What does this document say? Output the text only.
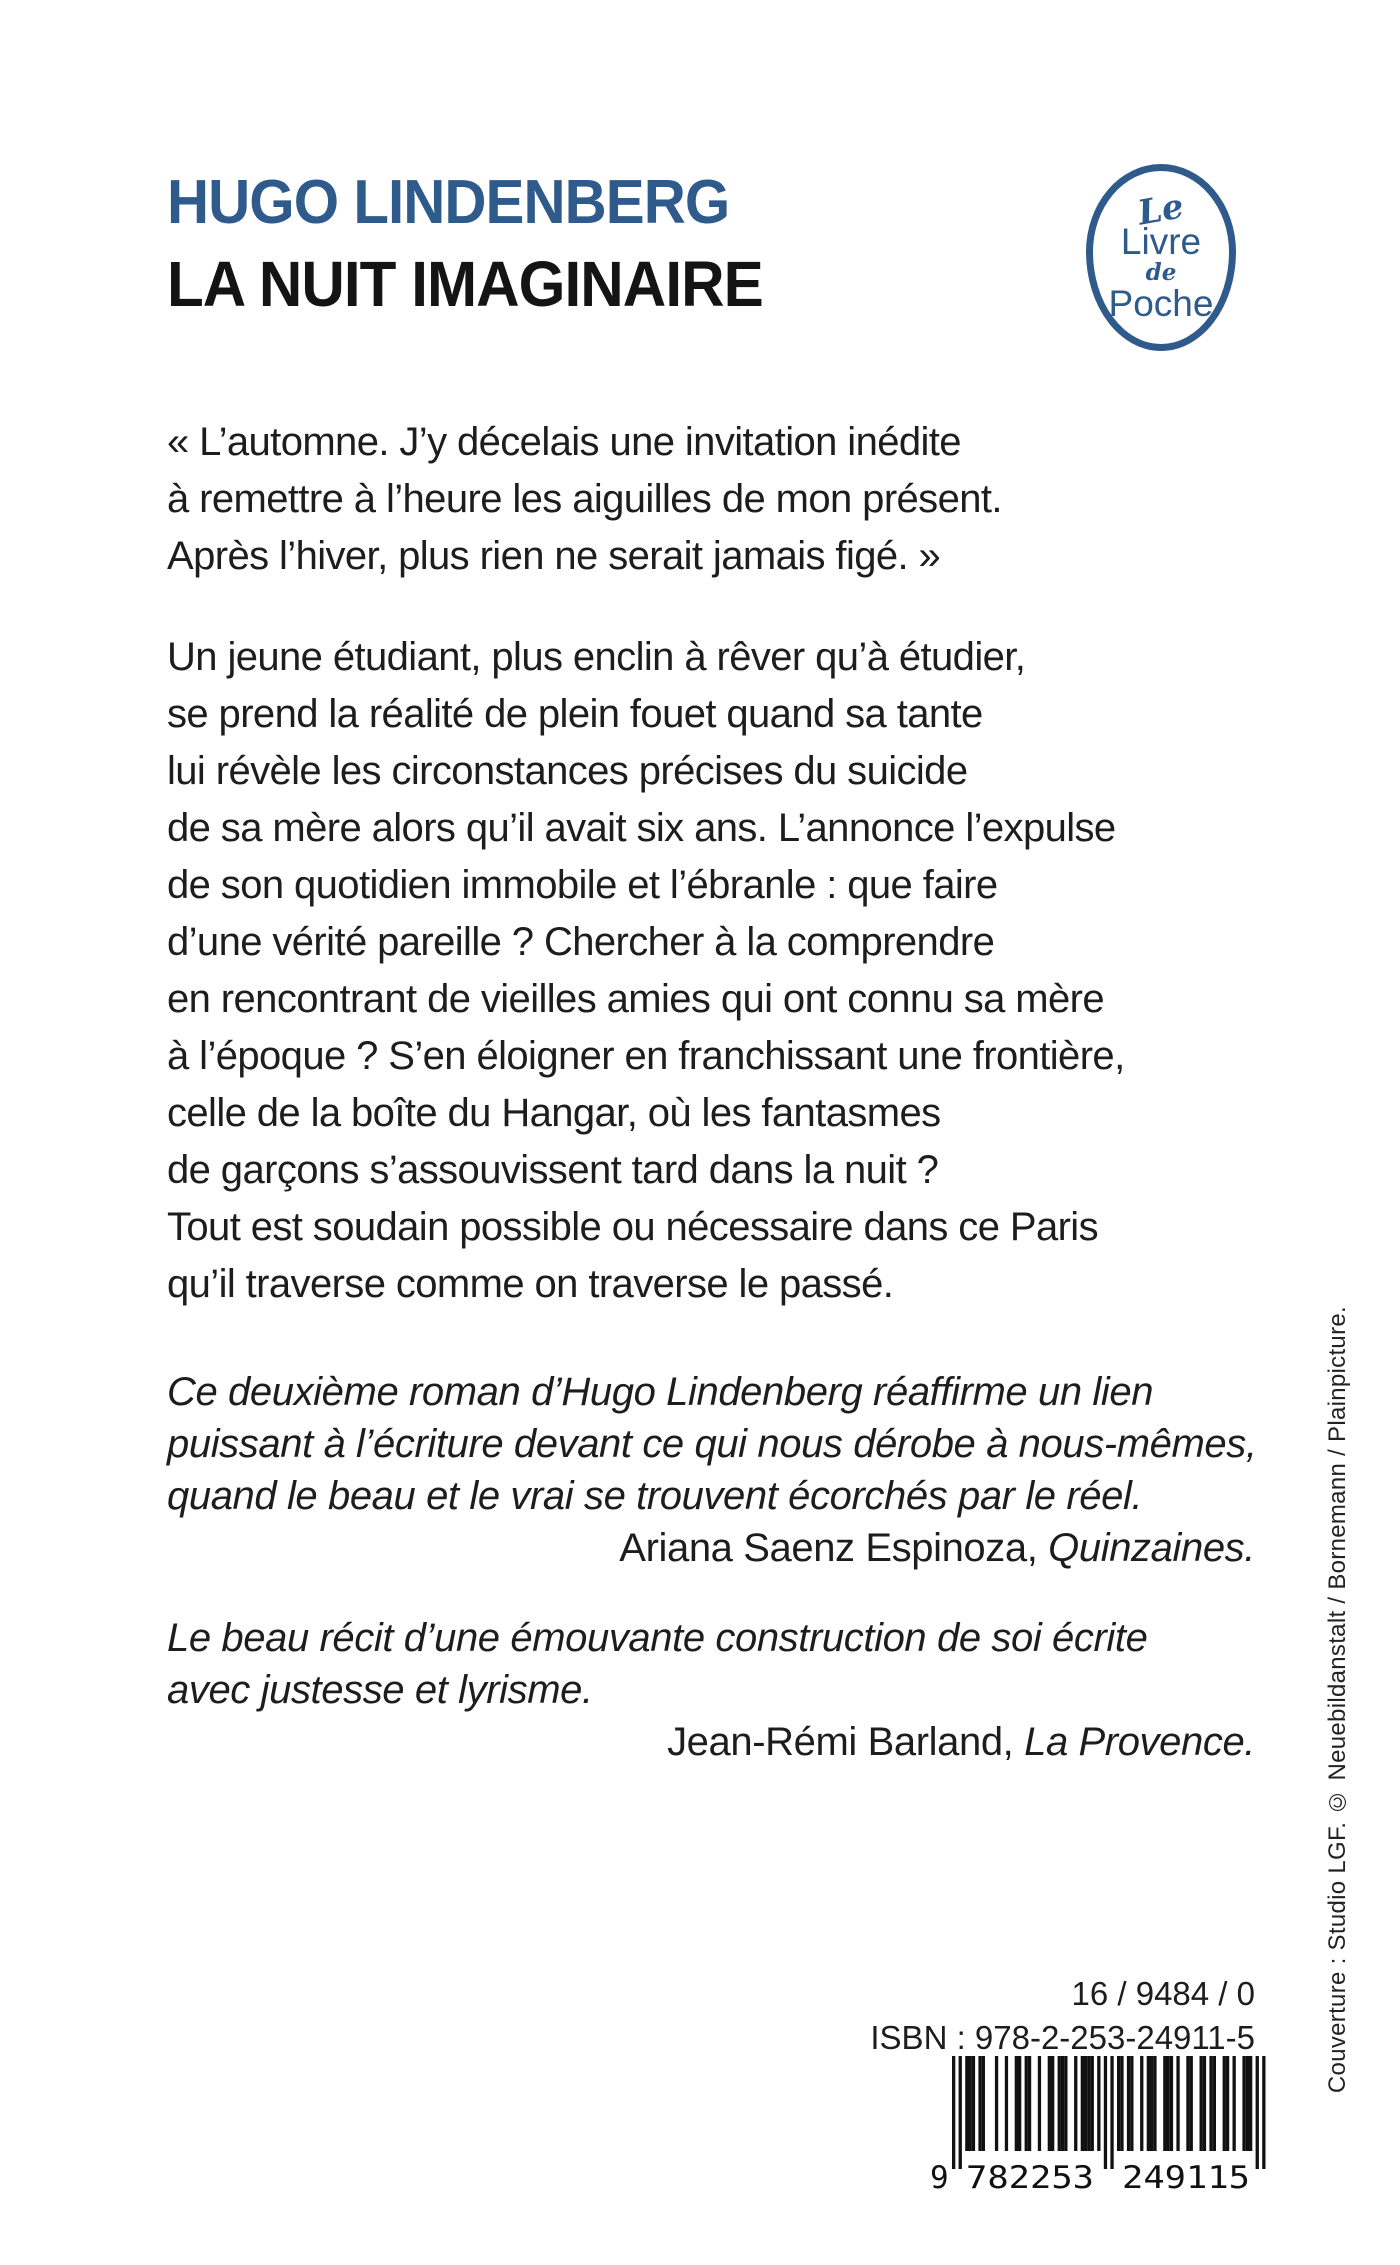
HUGO LINDENBERG
LA NUIT IMAGINAIRE
Le
Livre
de
Poche
« L’automne. J’y décelais une invitation inédite
à remettre à l’heure les aiguilles de mon présent.
Après l’hiver, plus rien ne serait jamais figé. »
Un jeune étudiant, plus enclin à rêver qu’à étudier,
se prend la réalité de plein fouet quand sa tante
lui révèle les circonstances précises du suicide
de sa mère alors qu’il avait six ans. L’annonce l’expulse
de son quotidien immobile et l’ébranle : que faire
d’une vérité pareille ? Chercher à la comprendre
en rencontrant de vieilles amies qui ont connu sa mère
à l’époque ? S’en éloigner en franchissant une frontière,
celle de la boîte du Hangar, où les fantasmes
de garçons s’assouvissent tard dans la nuit ?
Tout est soudain possible ou nécessaire dans ce Paris
qu’il traverse comme on traverse le passé.
Ce deuxième roman d’Hugo Lindenberg réaffirme un lien
puissant à l’écriture devant ce qui nous dérobe à nous-mêmes,
quand le beau et le vrai se trouvent écorchés par le réel.
Ariana Saenz Espinoza, Quinzaines.
Le beau récit d’une émouvante construction de soi écrite
avec justesse et lyrisme.
Jean-Rémi Barland, La Provence.
16 / 9484 / 0
ISBN : 978-2-253-24911-5
9 782253 249115
Couverture : Studio LGF. © Neuebildanstalt / Bornemann / Plainpicture.
